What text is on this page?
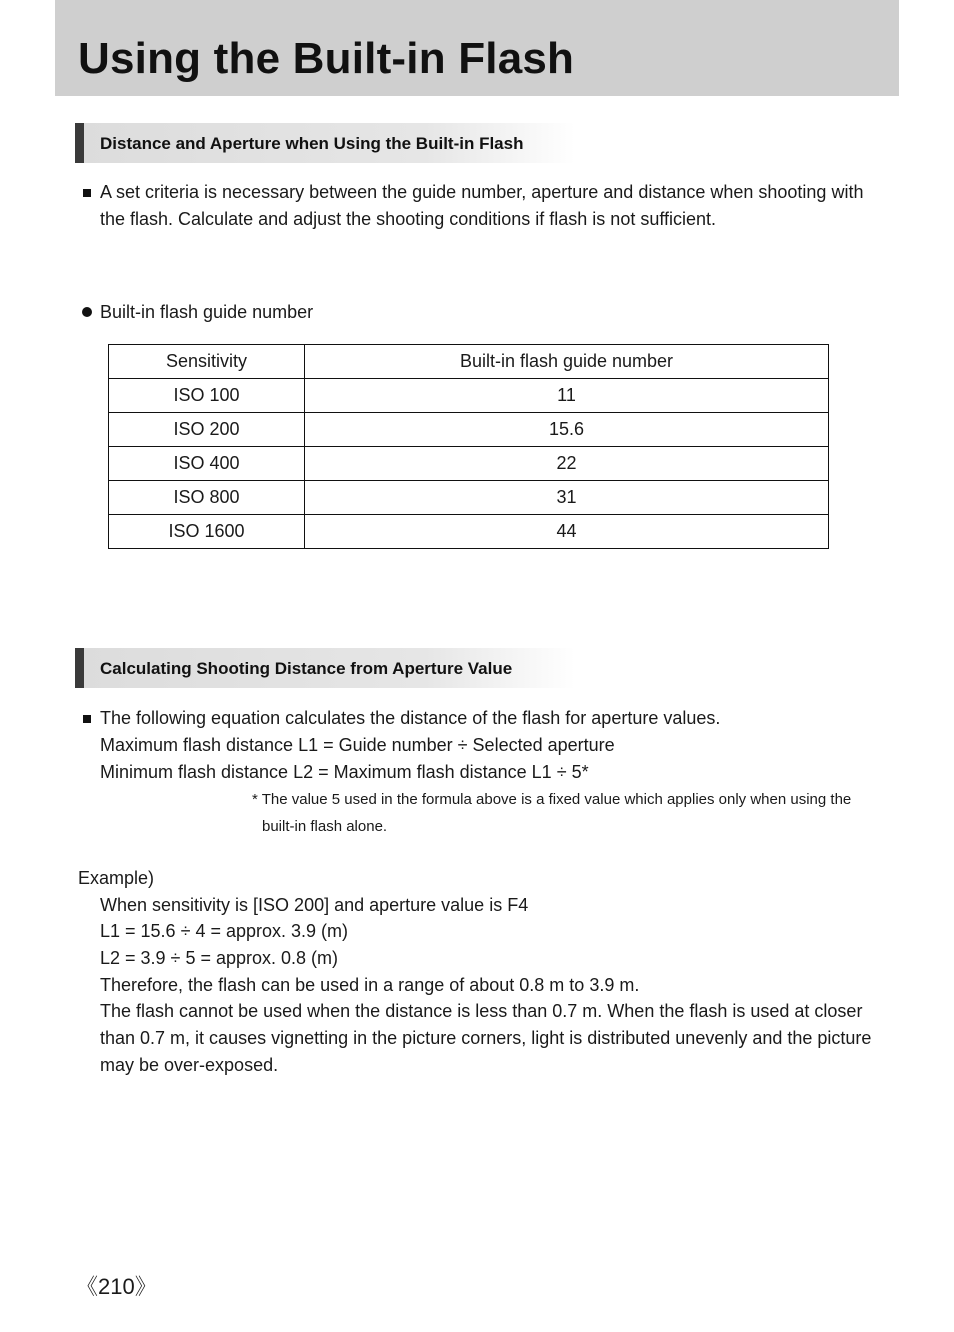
Using the Built-in Flash
Distance and Aperture when Using the Built-in Flash
A set criteria is necessary between the guide number, aperture and distance when shooting with the flash. Calculate and adjust the shooting conditions if flash is not sufficient.
Built-in flash guide number
Sensitivity	Built-in flash guide number
ISO 100	11
ISO 200	15.6
ISO 400	22
ISO 800	31
ISO 1600	44
Calculating Shooting Distance from Aperture Value
The following equation calculates the distance of the flash for aperture values.
Maximum flash distance L1 = Guide number ÷ Selected aperture
Minimum flash distance L2 = Maximum flash distance L1 ÷ 5*
* The value 5 used in the formula above is a fixed value which applies only when using the built-in flash alone.
Example)
When sensitivity is [ISO 200] and aperture value is F4
L1 = 15.6 ÷ 4 = approx. 3.9 (m)
L2 = 3.9 ÷ 5 = approx. 0.8 (m)
Therefore, the flash can be used in a range of about 0.8 m to 3.9 m.
The flash cannot be used when the distance is less than 0.7 m. When the flash is used at closer than 0.7 m, it causes vignetting in the picture corners, light is distributed unevenly and the picture may be over-exposed.
《210》
